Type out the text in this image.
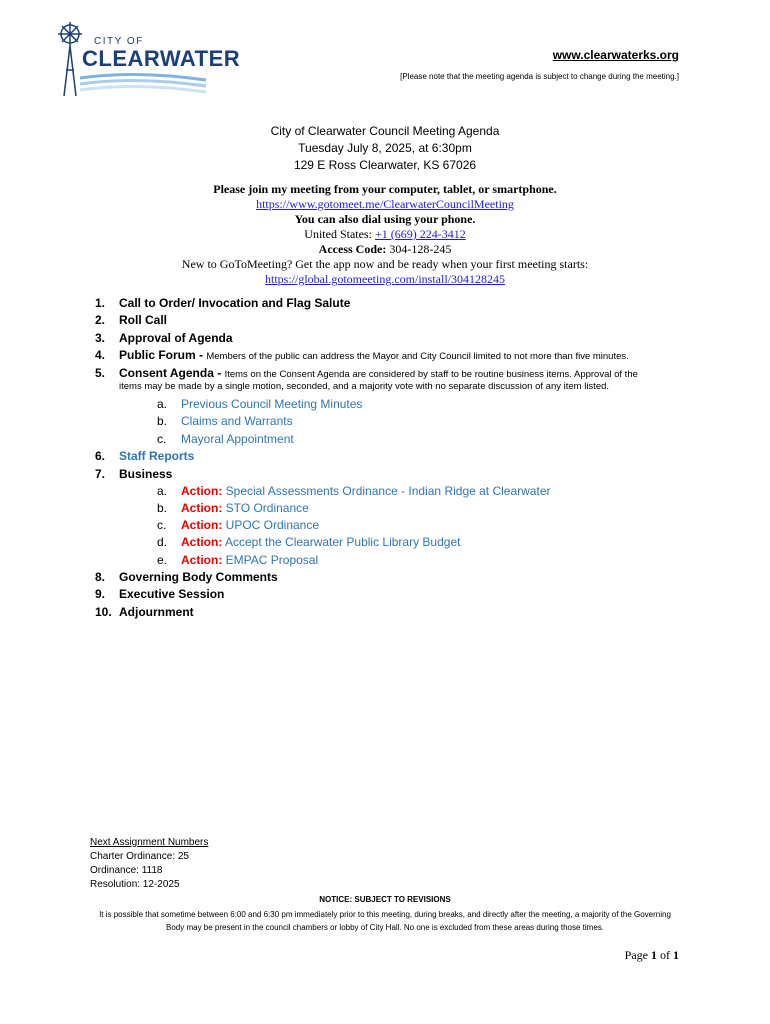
CITY OF
CLEARWATER	www.clearwaterks.org
[Please note that the meeting agenda is subject to change during the meeting.]
City of Clearwater Council Meeting Agenda
Tuesday July 8, 2025, at 6:30pm
129 E Ross Clearwater, KS 67026
Please join my meeting from your computer, tablet, or smartphone.
https://www.gotomeet.me/ClearwaterCouncilMeeting
You can also dial using your phone.
United States: +1 (669) 224-3412
Access Code: 304-128-245
New to GoToMeeting? Get the app now and be ready when your first meeting starts:
https://global.gotomeeting.com/install/304128245
1. Call to Order/ Invocation and Flag Salute
2. Roll Call
3. Approval of Agenda
4. Public Forum - Members of the public can address the Mayor and City Council limited to not more than five minutes.
5. Consent Agenda - Items on the Consent Agenda are considered by staff to be routine business items. Approval of the
items may be made by a single motion, seconded, and a majority vote with no separate discussion of any item listed.
a. Previous Council Meeting Minutes
b. Claims and Warrants
c. Mayoral Appointment
6. Staff Reports
7. Business
a. Action: Special Assessments Ordinance - Indian Ridge at Clearwater
b. Action: STO Ordinance
c. Action: UPOC Ordinance
d. Action: Accept the Clearwater Public Library Budget
e. Action: EMPAC Proposal
8. Governing Body Comments
9. Executive Session
10. Adjournment
Next Assignment Numbers
Charter Ordinance: 25
Ordinance: 1118
Resolution: 12-2025
NOTICE: SUBJECT TO REVISIONS
It is possible that sometime between 6:00 and 6:30 pm immediately prior to this meeting, during breaks, and directly after the meeting, a majority of the Governing Body may be present in the council chambers or lobby of City Hall. No one is excluded from these areas during those times.
Page 1 of 1
